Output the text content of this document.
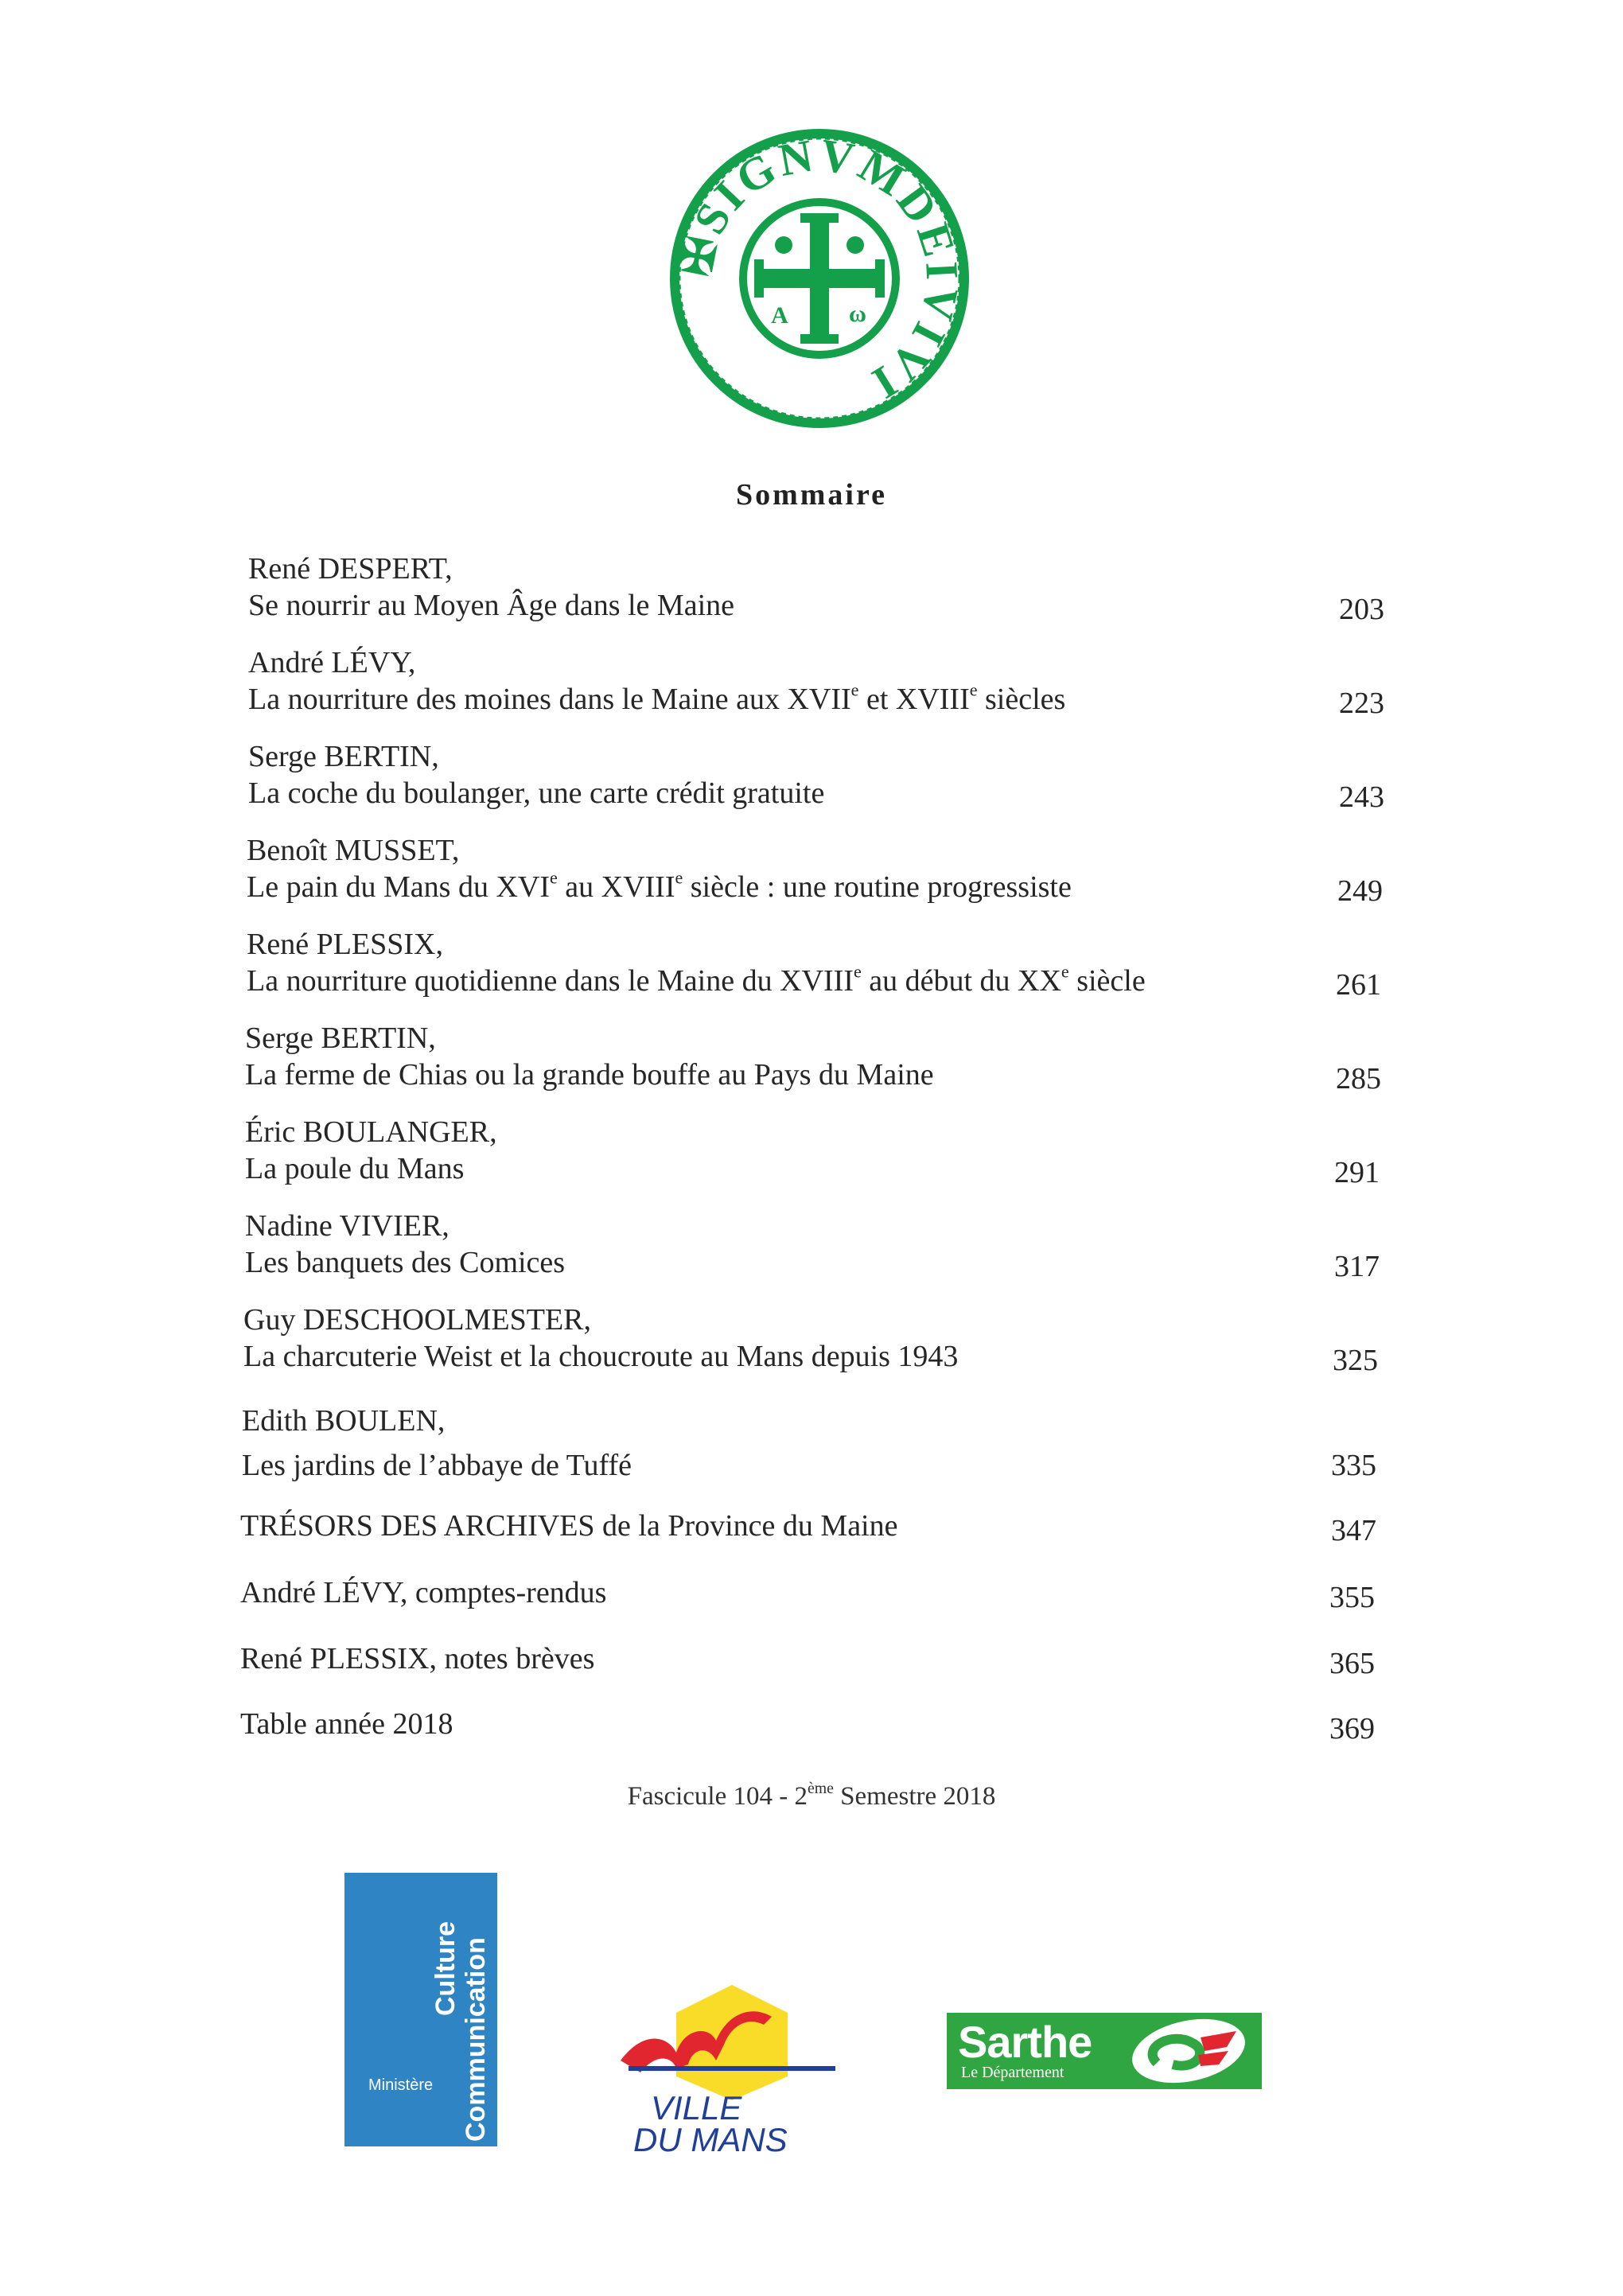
✠SIGNVMDEIVIVI
A	ω
Sommaire
René DESPERT,
Se nourrir au Moyen Âge dans le Maine	203
André LÉVY,
La nourriture des moines dans le Maine aux XVIIe et XVIIIe siècles	223
Serge BERTIN,
La coche du boulanger, une carte crédit gratuite	243
Benoît MUSSET,
Le pain du Mans du XVIe au XVIIIe siècle : une routine progressiste	249
René PLESSIX,
La nourriture quotidienne dans le Maine du XVIIIe au début du XXe siècle	261
Serge BERTIN,
La ferme de Chias ou la grande bouffe au Pays du Maine	285
Éric BOULANGER,
La poule du Mans	291
Nadine VIVIER,
Les banquets des Comices	317
Guy DESCHOOLMESTER,
La charcuterie Weist et la choucroute au Mans depuis 1943	325
Edith BOULEN,
Les jardins de l’abbaye de Tuffé	335
TRÉSORS DES ARCHIVES de la Province du Maine	347
André LÉVY, comptes-rendus	355
René PLESSIX, notes brèves	365
Table année 2018	369
Fascicule 104 - 2ème Semestre 2018
Culture Communication
Ministère
VILLE
DU MANS
Sarthe
Le Département
